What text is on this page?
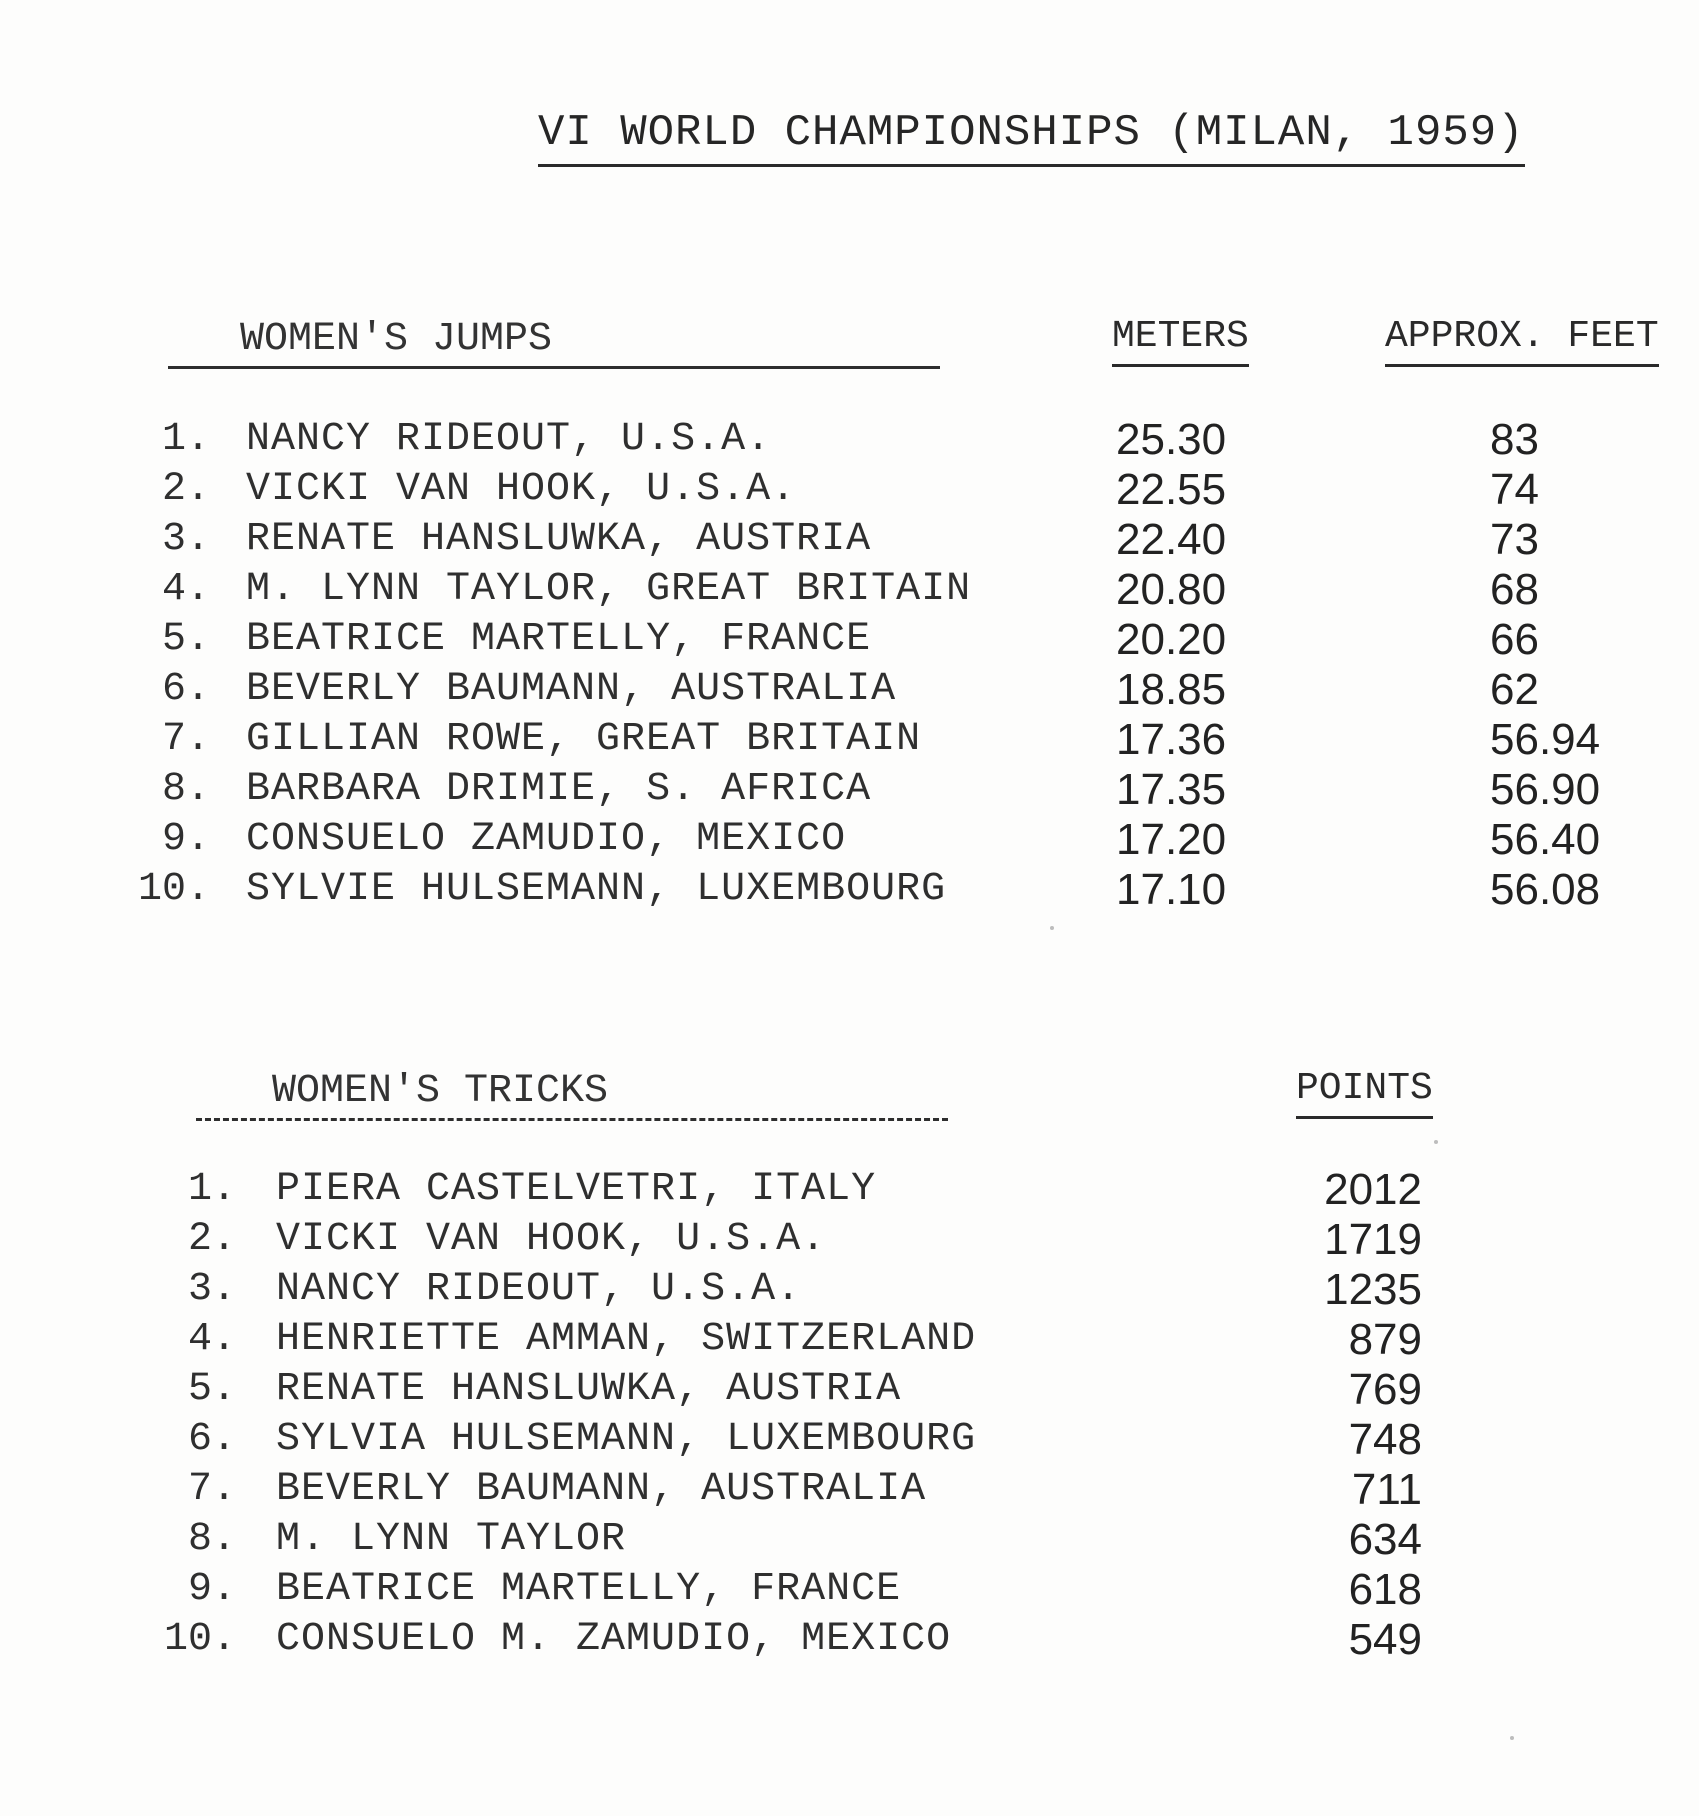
VI WORLD CHAMPIONSHIPS (MILAN, 1959)
WOMEN'S JUMPS	METERS	APPROX. FEET
1. NANCY RIDEOUT, U.S.A.	25.30	83
2. VICKI VAN HOOK, U.S.A.	22.55	74
3. RENATE HANSLUWKA, AUSTRIA	22.40	73
4. M. LYNN TAYLOR, GREAT BRITAIN	20.80	68
5. BEATRICE MARTELLY, FRANCE	20.20	66
6. BEVERLY BAUMANN, AUSTRALIA	18.85	62
7. GILLIAN ROWE, GREAT BRITAIN	17.36	56.94
8. BARBARA DRIMIE, S. AFRICA	17.35	56.90
9. CONSUELO ZAMUDIO, MEXICO	17.20	56.40
10. SYLVIE HULSEMANN, LUXEMBOURG	17.10	56.08
WOMEN'S TRICKS	POINTS
1. PIERA CASTELVETRI, ITALY	2012
2. VICKI VAN HOOK, U.S.A.	1719
3. NANCY RIDEOUT, U.S.A.	1235
4. HENRIETTE AMMAN, SWITZERLAND	879
5. RENATE HANSLUWKA, AUSTRIA	769
6. SYLVIA HULSEMANN, LUXEMBOURG	748
7. BEVERLY BAUMANN, AUSTRALIA	711
8. M. LYNN TAYLOR	634
9. BEATRICE MARTELLY, FRANCE	618
10. CONSUELO M. ZAMUDIO, MEXICO	549
